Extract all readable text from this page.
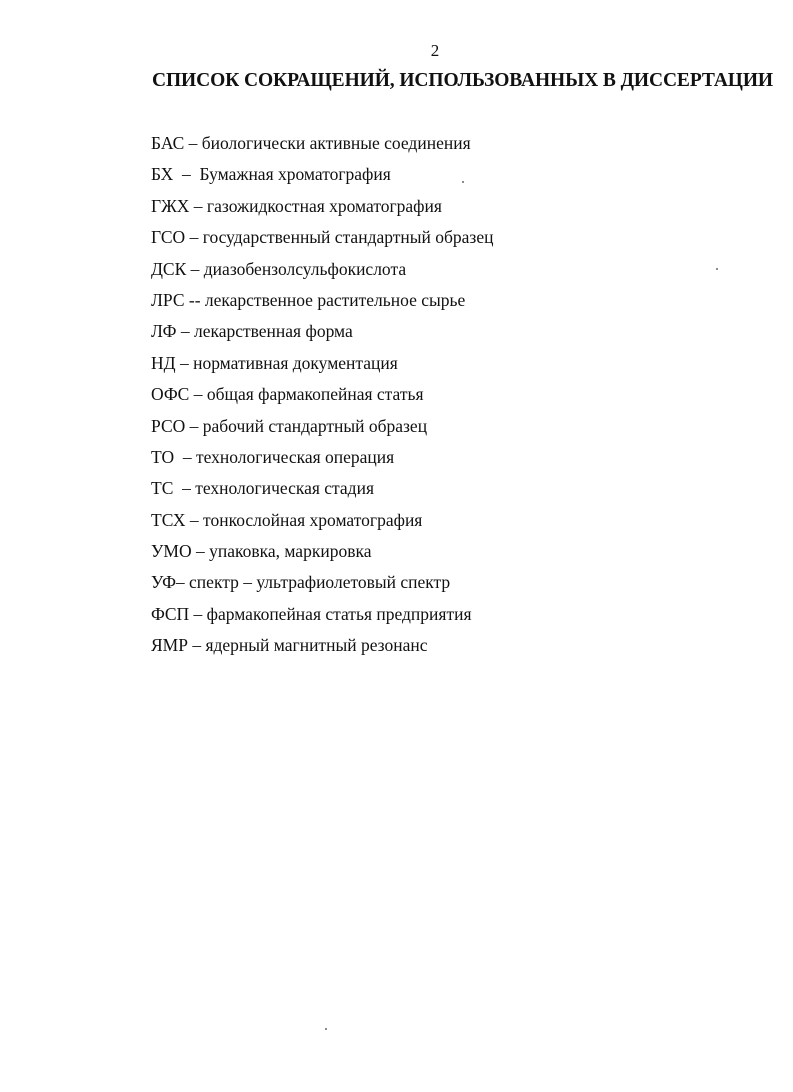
2
СПИСОК СОКРАЩЕНИЙ, ИСПОЛЬЗОВАННЫХ В ДИССЕРТАЦИИ
БАС – биологически активные соединения
БХ  –  Бумажная хроматография
ГЖХ – газожидкостная хроматография
ГСО – государственный стандартный образец
ДСК – диазобензолсульфокислота
ЛРС -- лекарственное растительное сырье
ЛФ – лекарственная форма
НД – нормативная документация
ОФС – общая фармакопейная статья
РСО – рабочий стандартный образец
ТО  – технологическая операция
ТС  – технологическая стадия
ТСХ – тонкослойная хроматография
УМО – упаковка, маркировка
УФ– спектр – ультрафиолетовый спектр
ФСП – фармакопейная статья предприятия
ЯМР – ядерный магнитный резонанс
